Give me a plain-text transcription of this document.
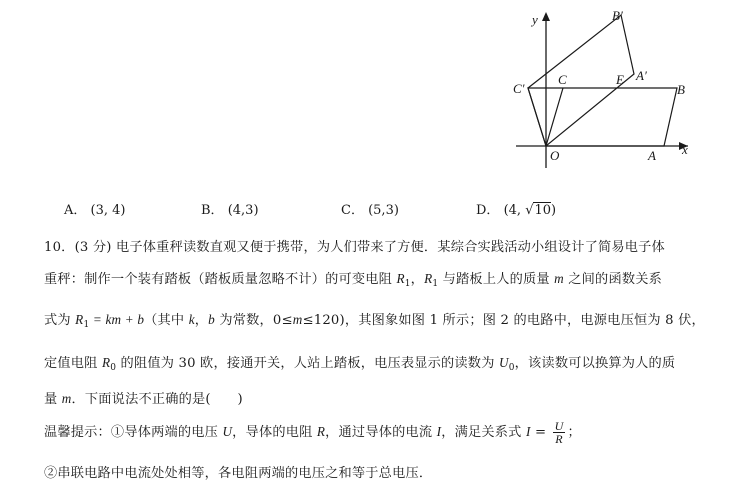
y
x
O	A
B
C
C′
B′
A′
E
A． (3, 4)	B． (4,3)	C． (5,3)	D． (4, √10)
10．(3 分) 电子体重秤读数直观又便于携带，为人们带来了方便．某综合实践活动小组设计了简易电子体
重秤：制作一个装有踏板（踏板质量忽略不计）的可变电阻 $R_1$，$R_1$ 与踏板上人的质量 m 之间的函数关系
式为 $R_1$ = km + b（其中 k，b 为常数，0≤m≤120)，其图象如图 1 所示；图 2 的电路中，电源电压恒为 8 伏，
定值电阻 $R_0$ 的阻值为 30 欧，接通开关，人站上踏板，电压表显示的读数为 $U_0$，该读数可以换算为人的质
量 m．下面说法不正确的是(　　)
温馨提示：①导体两端的电压 U，导体的电阻 R，通过导体的电流 I，满足关系式 $I = \frac{U}{R}$ ；
②串联电路中电流处处相等，各电阻两端的电压之和等于总电压．
